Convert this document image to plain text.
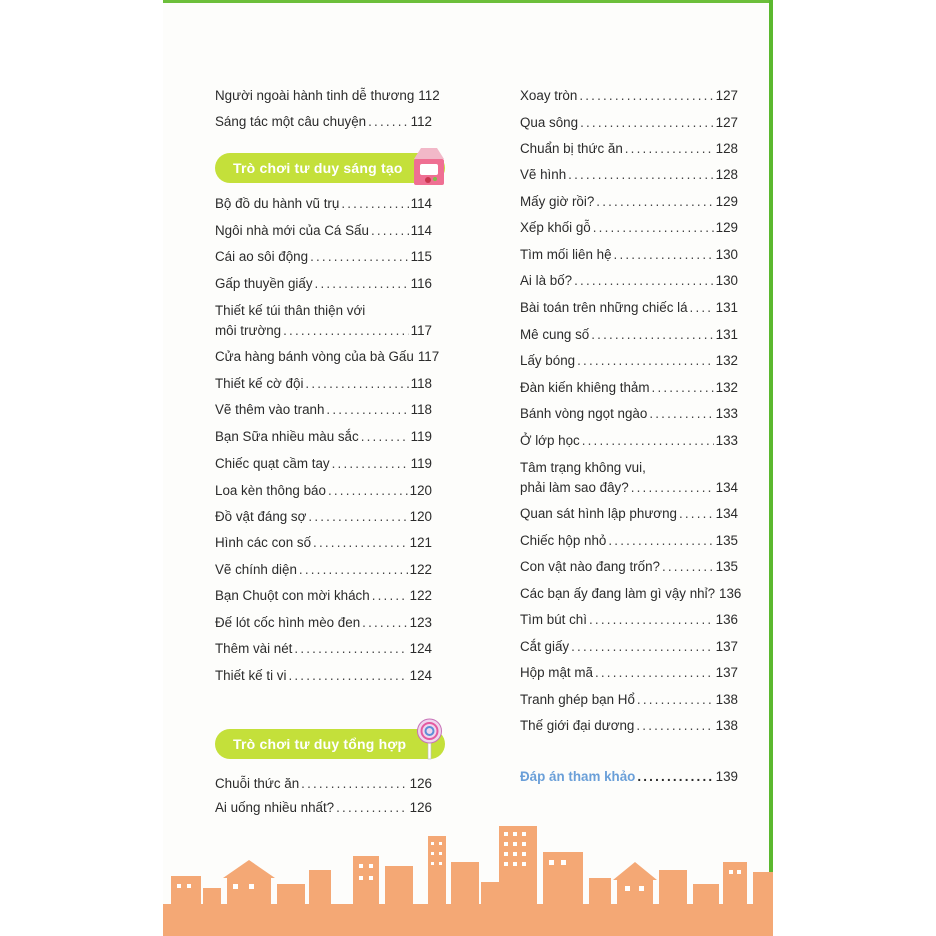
Người ngoài hành tinh dễ thương 112
Sáng tác một câu chuyện .....	112
Trò chơi tư duy sáng tạo
Bộ đồ du hành vũ trụ .....	114
Ngôi nhà mới của Cá Sấu .....	114
Cái ao sôi động .....	115
Gấp thuyền giấy .....	116
Thiết kế túi thân thiện với
môi trường .....	117
Cửa hàng bánh vòng của bà Gấu 117
Thiết kế cờ đội .....	118
Vẽ thêm vào tranh .....	118
Bạn Sữa nhiều màu sắc .....	119
Chiếc quạt cầm tay .....	119
Loa kèn thông báo .....	120
Đồ vật đáng sợ .....	120
Hình các con số .....	121
Vẽ chính diện .....	122
Bạn Chuột con mời khách .....	122
Đế lót cốc hình mèo đen .....	123
Thêm vài nét .....	124
Thiết kế ti vi .....	124
Trò chơi tư duy tổng hợp
Chuỗi thức ăn .....	126
Ai uống nhiều nhất? .....	126
Xoay tròn .....	127
Qua sông .....	127
Chuẩn bị thức ăn .....	128
Vẽ hình .....	128
Mấy giờ rồi? .....	129
Xếp khối gỗ .....	129
Tìm mối liên hệ .....	130
Ai là bố? .....	130
Bài toán trên những chiếc lá ..... 131
Mê cung số .....	131
Lấy bóng .....	132
Đàn kiến khiêng thảm .....	132
Bánh vòng ngọt ngào .....	133
Ở lớp học .....	133
Tâm trạng không vui,
phải làm sao đây? .....	134
Quan sát hình lập phương .....	134
Chiếc hộp nhỏ .....	135
Con vật nào đang trốn? .....	135
Các bạn ấy đang làm gì vậy nhỉ? 136
Tìm bút chì .....	136
Cắt giấy .....	137
Hộp mật mã .....	137
Tranh ghép bạn Hổ .....	138
Thế giới đại dương .....	138
Đáp án tham khảo .....	139
